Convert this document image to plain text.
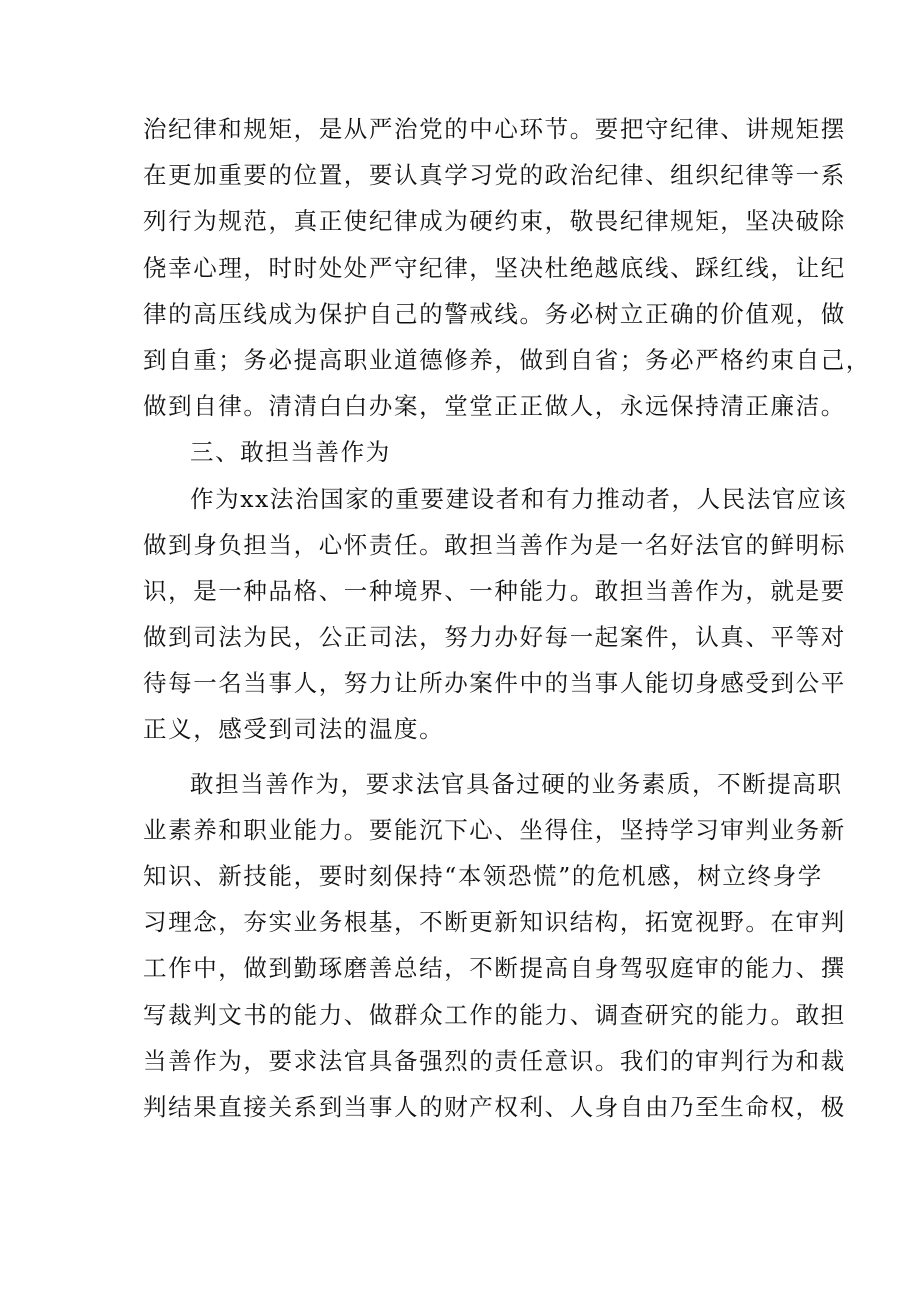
治纪律和规矩，是从严治党的中心环节。要把守纪律、讲规矩摆
在更加重要的位置，要认真学习党的政治纪律、组织纪律等一系
列行为规范，真正使纪律成为硬约束，敬畏纪律规矩，坚决破除
侥幸心理，时时处处严守纪律，坚决杜绝越底线、踩红线，让纪
律的高压线成为保护自己的警戒线。务必树立正确的价值观，做
到自重；务必提高职业道德修养，做到自省；务必严格约束自己，
做到自律。清清白白办案，堂堂正正做人，永远保持清正廉洁。
三、敢担当善作为
作为xx法治国家的重要建设者和有力推动者，人民法官应该
做到身负担当，心怀责任。敢担当善作为是一名好法官的鲜明标
识，是一种品格、一种境界、一种能力。敢担当善作为，就是要
做到司法为民，公正司法，努力办好每一起案件，认真、平等对
待每一名当事人，努力让所办案件中的当事人能切身感受到公平
正义，感受到司法的温度。
敢担当善作为，要求法官具备过硬的业务素质，不断提高职
业素养和职业能力。要能沉下心、坐得住，坚持学习审判业务新
知识、新技能，要时刻保持“本领恐慌”的危机感，树立终身学
习理念，夯实业务根基，不断更新知识结构，拓宽视野。在审判
工作中，做到勤琢磨善总结，不断提高自身驾驭庭审的能力、撰
写裁判文书的能力、做群众工作的能力、调查研究的能力。敢担
当善作为，要求法官具备强烈的责任意识。我们的审判行为和裁
判结果直接关系到当事人的财产权利、人身自由乃至生命权，极
